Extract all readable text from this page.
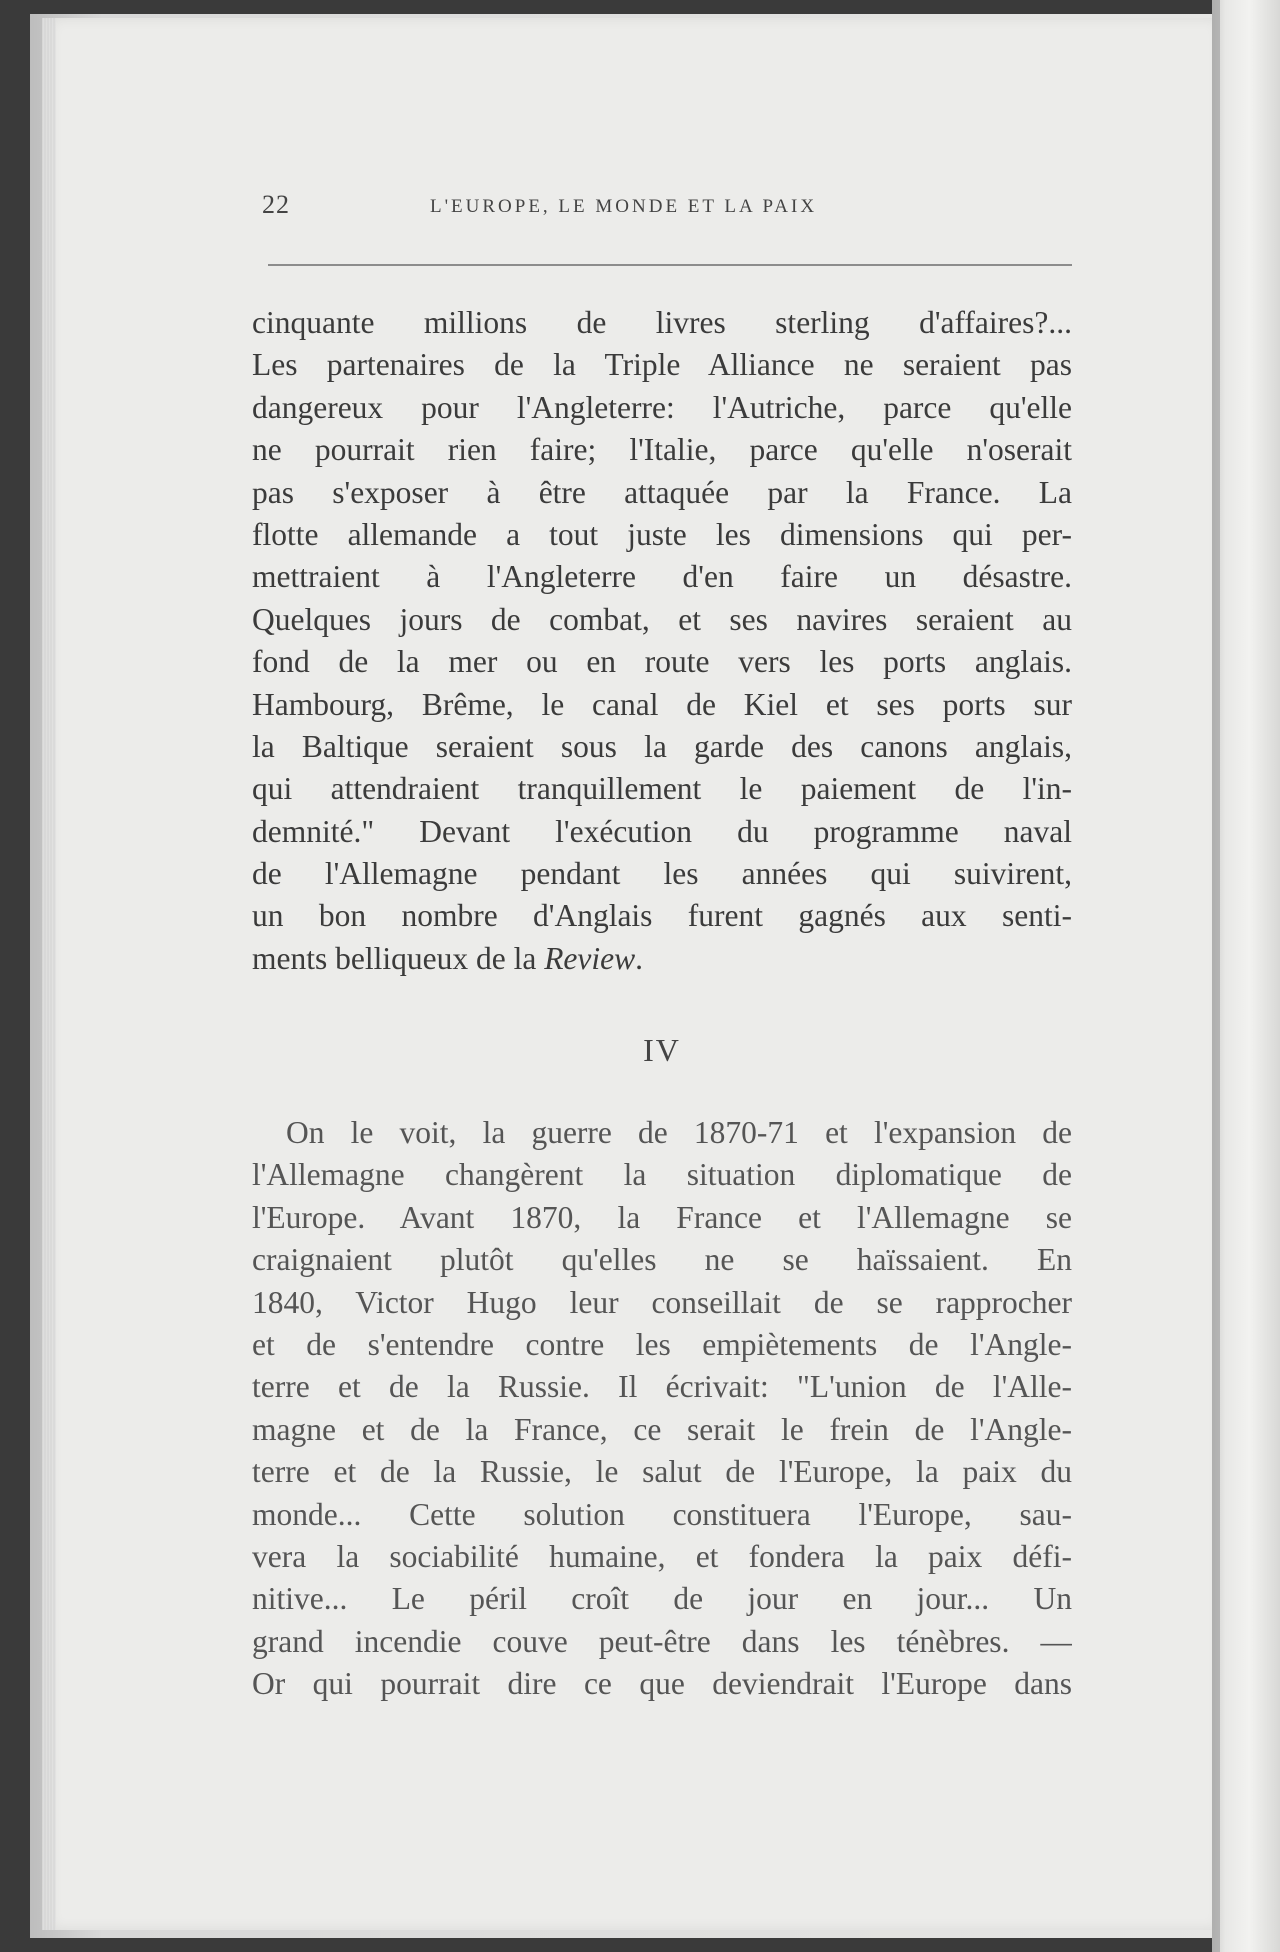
22	L'EUROPE, LE MONDE ET LA PAIX
cinquante millions de livres sterling d'affaires?...
Les partenaires de la Triple Alliance ne seraient pas
dangereux pour l'Angleterre: l'Autriche, parce qu'elle
ne pourrait rien faire; l'Italie, parce qu'elle n'oserait
pas s'exposer à être attaquée par la France. La
flotte allemande a tout juste les dimensions qui per-
mettraient à l'Angleterre d'en faire un désastre.
Quelques jours de combat, et ses navires seraient au
fond de la mer ou en route vers les ports anglais.
Hambourg, Brême, le canal de Kiel et ses ports sur
la Baltique seraient sous la garde des canons anglais,
qui attendraient tranquillement le paiement de l'in-
demnité." Devant l'exécution du programme naval
de l'Allemagne pendant les années qui suivirent,
un bon nombre d'Anglais furent gagnés aux senti-
ments belliqueux de la Review.
IV
On le voit, la guerre de 1870-71 et l'expansion de
l'Allemagne changèrent la situation diplomatique de
l'Europe. Avant 1870, la France et l'Allemagne se
craignaient plutôt qu'elles ne se haïssaient. En
1840, Victor Hugo leur conseillait de se rapprocher
et de s'entendre contre les empiètements de l'Angle-
terre et de la Russie. Il écrivait: "L'union de l'Alle-
magne et de la France, ce serait le frein de l'Angle-
terre et de la Russie, le salut de l'Europe, la paix du
monde... Cette solution constituera l'Europe, sau-
vera la sociabilité humaine, et fondera la paix défi-
nitive... Le péril croît de jour en jour... Un
grand incendie couve peut-être dans les ténèbres. —
Or qui pourrait dire ce que deviendrait l'Europe dans
